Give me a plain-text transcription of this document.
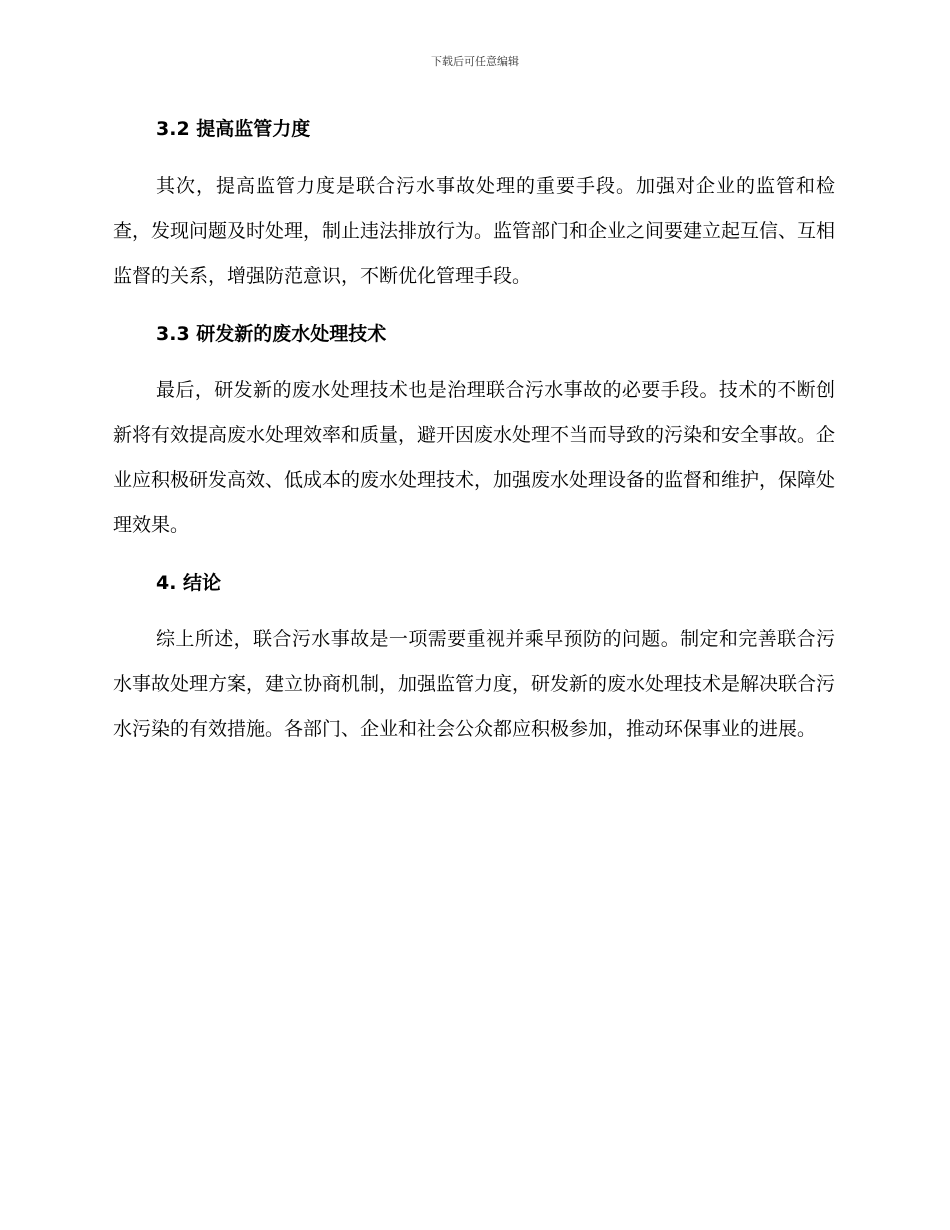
下载后可任意编辑
3.2 提高监管力度
其次，提高监管力度是联合污水事故处理的重要手段。加强对企业的监管和检查，发现问题及时处理，制止违法排放行为。监管部门和企业之间要建立起互信、互相监督的关系，增强防范意识，不断优化管理手段。
3.3 研发新的废水处理技术
最后，研发新的废水处理技术也是治理联合污水事故的必要手段。技术的不断创新将有效提高废水处理效率和质量，避开因废水处理不当而导致的污染和安全事故。企业应积极研发高效、低成本的废水处理技术，加强废水处理设备的监督和维护，保障处理效果。
4. 结论
综上所述，联合污水事故是一项需要重视并乘早预防的问题。制定和完善联合污水事故处理方案，建立协商机制，加强监管力度，研发新的废水处理技术是解决联合污水污染的有效措施。各部门、企业和社会公众都应积极参加，推动环保事业的进展。
